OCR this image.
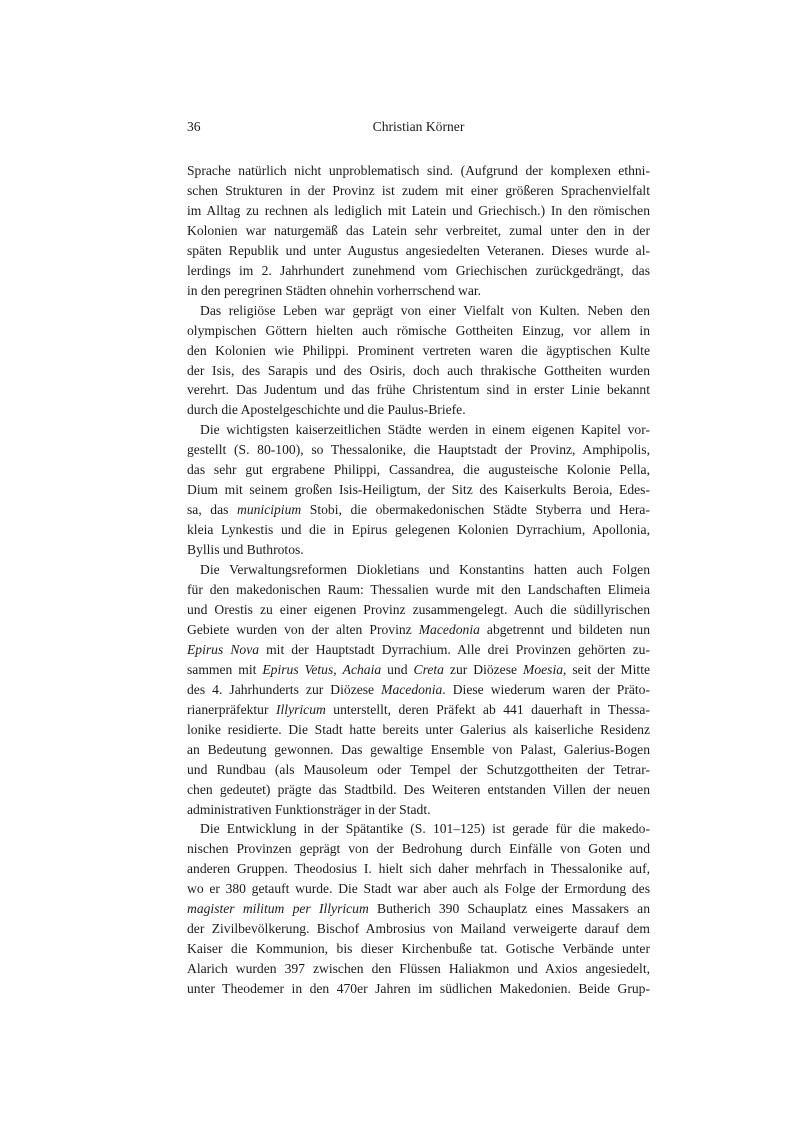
36	Christian Körner
Sprache natürlich nicht unproblematisch sind. (Aufgrund der komplexen ethni-
schen Strukturen in der Provinz ist zudem mit einer größeren Sprachenvielfalt
im Alltag zu rechnen als lediglich mit Latein und Griechisch.) In den römischen
Kolonien war naturgemäß das Latein sehr verbreitet, zumal unter den in der
späten Republik und unter Augustus angesiedelten Veteranen. Dieses wurde al-
lerdings im 2. Jahrhundert zunehmend vom Griechischen zurückgedrängt, das
in den peregrinen Städten ohnehin vorherrschend war.
Das religiöse Leben war geprägt von einer Vielfalt von Kulten. Neben den
olympischen Göttern hielten auch römische Gottheiten Einzug, vor allem in
den Kolonien wie Philippi. Prominent vertreten waren die ägyptischen Kulte
der Isis, des Sarapis und des Osiris, doch auch thrakische Gottheiten wurden
verehrt. Das Judentum und das frühe Christentum sind in erster Linie bekannt
durch die Apostelgeschichte und die Paulus-Briefe.
Die wichtigsten kaiserzeitlichen Städte werden in einem eigenen Kapitel vor-
gestellt (S. 80-100), so Thessalonike, die Hauptstadt der Provinz, Amphipolis,
das sehr gut ergrabene Philippi, Cassandrea, die augusteische Kolonie Pella,
Dium mit seinem großen Isis-Heiligtum, der Sitz des Kaiserkults Beroia, Edes-
sa, das municipium Stobi, die obermakedonischen Städte Styberra und Hera-
kleia Lynkestis und die in Epirus gelegenen Kolonien Dyrrachium, Apollonia,
Byllis und Buthrotos.
Die Verwaltungsreformen Diokletians und Konstantins hatten auch Folgen
für den makedonischen Raum: Thessalien wurde mit den Landschaften Elimeia
und Orestis zu einer eigenen Provinz zusammengelegt. Auch die südillyrischen
Gebiete wurden von der alten Provinz Macedonia abgetrennt und bildeten nun
Epirus Nova mit der Hauptstadt Dyrrachium. Alle drei Provinzen gehörten zu-
sammen mit Epirus Vetus, Achaia und Creta zur Diözese Moesia, seit der Mitte
des 4. Jahrhunderts zur Diözese Macedonia. Diese wiederum waren der Präto-
rianerpräfektur Illyricum unterstellt, deren Präfekt ab 441 dauerhaft in Thessa-
lonike residierte. Die Stadt hatte bereits unter Galerius als kaiserliche Residenz
an Bedeutung gewonnen. Das gewaltige Ensemble von Palast, Galerius-Bogen
und Rundbau (als Mausoleum oder Tempel der Schutzgottheiten der Tetrar-
chen gedeutet) prägte das Stadtbild. Des Weiteren entstanden Villen der neuen
administrativen Funktionsträger in der Stadt.
Die Entwicklung in der Spätantike (S. 101–125) ist gerade für die makedo-
nischen Provinzen geprägt von der Bedrohung durch Einfälle von Goten und
anderen Gruppen. Theodosius I. hielt sich daher mehrfach in Thessalonike auf,
wo er 380 getauft wurde. Die Stadt war aber auch als Folge der Ermordung des
magister militum per Illyricum Butherich 390 Schauplatz eines Massakers an
der Zivilbevölkerung. Bischof Ambrosius von Mailand verweigerte darauf dem
Kaiser die Kommunion, bis dieser Kirchenbuße tat. Gotische Verbände unter
Alarich wurden 397 zwischen den Flüssen Haliakmon und Axios angesiedelt,
unter Theodemer in den 470er Jahren im südlichen Makedonien. Beide Grup-
